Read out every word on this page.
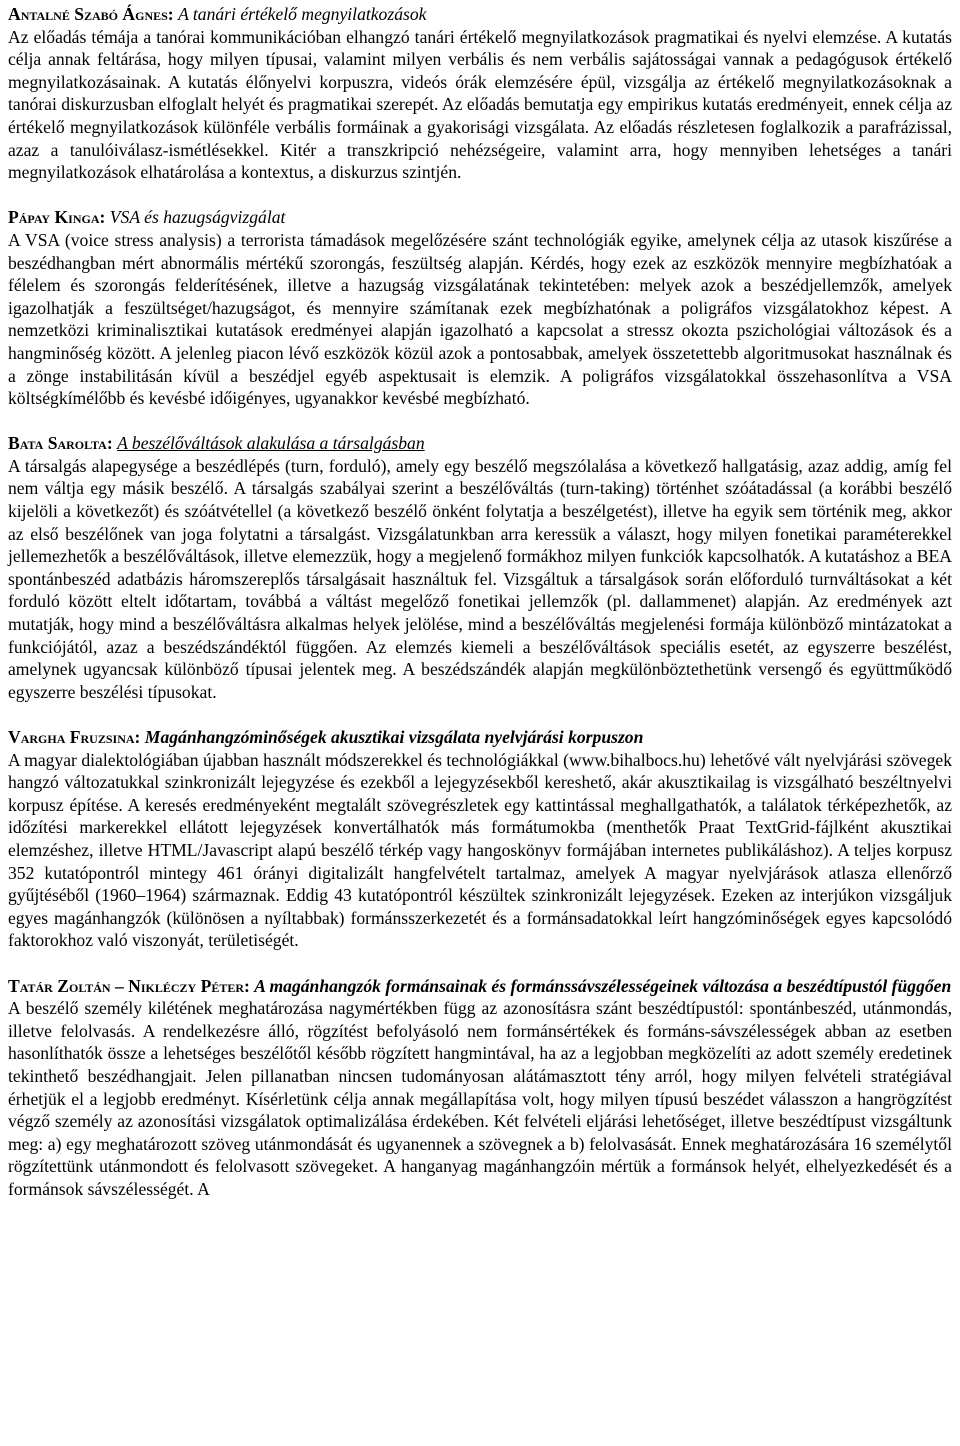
Antalné Szabó Ágnes: A tanári értékelő megnyilatkozások

Az előadás témája a tanórai kommunikációban elhangzó tanári értékelő megnyilatkozások pragmatikai és nyelvi elemzése. A kutatás célja annak feltárása, hogy milyen típusai, valamint milyen verbális és nem verbális sajátosságai vannak a pedagógusok értékelő megnyilatkozásainak. A kutatás élőnyelvi korpuszra, videós órák elemzésére épül, vizsgálja az értékelő megnyilatkozásoknak a tanórai diskurzusban elfoglalt helyét és pragmatikai szerepét. Az előadás bemutatja egy empirikus kutatás eredményeit, ennek célja az értékelő megnyilatkozások különféle verbális formáinak a gyakorisági vizsgálata. Az előadás részletesen foglalkozik a parafrázissal, azaz a tanulóiválasz-ismétlésekkel. Kitér a transzkripció nehézségeire, valamint arra, hogy mennyiben lehetséges a tanári megnyilatkozások elhatárolása a kontextus, a diskurzus szintjén.

Pápay Kinga: VSA és hazugságvizgálat

A VSA (voice stress analysis) a terrorista támadások megelőzésére szánt technológiák egyike, amelynek célja az utasok kiszűrése a beszédhangban mért abnormális mértékű szorongás, feszültség alapján. Kérdés, hogy ezek az eszközök mennyire megbízhatóak a félelem és szorongás felderítésének, illetve a hazugság vizsgálatának tekintetében: melyek azok a beszédjellemzők, amelyek igazolhatják a feszültséget/hazugságot, és mennyire számítanak ezek megbízhatónak a poligráfos vizsgálatokhoz képest. A nemzetközi kriminalisztikai kutatások eredményei alapján igazolható a kapcsolat a stressz okozta pszichológiai változások és a hangminőség között. A jelenleg piacon lévő eszközök közül azok a pontosabbak, amelyek összetettebb algoritmusokat használnak és a zönge instabilitásán kívül a beszédjel egyéb aspektusait is elemzik. A poligráfos vizsgálatokkal összehasonlítva a VSA költségkímélőbb és kevésbé időigényes, ugyanakkor kevésbé megbízható.

Bata Sarolta: A beszélőváltások alakulása a társalgásban

A társalgás alapegysége a beszédlépés (turn, forduló), amely egy beszélő megszólalása a következő hallgatásig, azaz addig, amíg fel nem váltja egy másik beszélő. A társalgás szabályai szerint a beszélőváltás (turn-taking) történhet szóátadással (a korábbi beszélő kijelöli a következőt) és szóátvétellel (a következő beszélő önként folytatja a beszélgetést), illetve ha egyik sem történik meg, akkor az első beszélőnek van joga folytatni a társalgást. Vizsgálatunkban arra keressük a választ, hogy milyen fonetikai paraméterekkel jellemezhetők a beszélőváltások, illetve elemezzük, hogy a megjelenő formákhoz milyen funkciók kapcsolhatók. A kutatáshoz a BEA spontánbeszéd adatbázis háromszereplős társalgásait használtuk fel. Vizsgáltuk a társalgások során előforduló turnváltásokat a két forduló között eltelt időtartam, továbbá a váltást megelőző fonetikai jellemzők (pl. dallammenet) alapján. Az eredmények azt mutatják, hogy mind a beszélőváltásra alkalmas helyek jelölése, mind a beszélőváltás megjelenési formája különböző mintázatokat a funkciójától, azaz a beszédszándéktól függően. Az elemzés kiemeli a beszélőváltások speciális esetét, az egyszerre beszélést, amelynek ugyancsak különböző típusai jelentek meg. A beszédszándék alapján megkülönböztethetünk versengő és együttműködő egyszerre beszélési típusokat.

Vargha Fruzsina: Magánhangzóminőségek akusztikai vizsgálata nyelvjárási korpuszon

A magyar dialektológiában újabban használt módszerekkel és technológiákkal (www.bihalbocs.hu) lehetővé vált nyelvjárási szövegek hangzó változatukkal szinkronizált lejegyzése és ezekből a lejegyzésekből kereshető, akár akusztikailag is vizsgálható beszéltnyelvi korpusz építése. A keresés eredményeként megtalált szövegrészletek egy kattintással meghallgathatók, a találatok térképezhetők, az időzítési markerekkel ellátott lejegyzések konvertálhatók más formátumokba (menthetők Praat TextGrid-fájlként akusztikai elemzéshez, illetve HTML/Javascript alapú beszélő térkép vagy hangoskönyv formájában internetes publikáláshoz). A teljes korpusz 352 kutatópontról mintegy 461 órányi digitalizált hangfelvételt tartalmaz, amelyek A magyar nyelvjárások atlasza ellenőrző gyűjtéséből (1960–1964) származnak. Eddig 43 kutatópontról készültek szinkronizált lejegyzések. Ezeken az interjúkon vizsgáljuk egyes magánhangzók (különösen a nyíltabbak) formánsszerkezetét és a formánsadatokkal leírt hangzóminőségek egyes kapcsolódó faktorokhoz való viszonyát, területiségét.

Tatár Zoltán – Nikléczy Péter: A magánhangzók formánsainak és formánssávszélességeinek változása a beszédtípustól függően

A beszélő személy kilétének meghatározása nagymértékben függ az azonosításra szánt beszédtípustól: spontánbeszéd, utánmondás, illetve felolvasás. A rendelkezésre álló, rögzítést befolyásoló nem formánsértékek és formáns-sávszélességek abban az esetben hasonlíthatók össze a lehetséges beszélőtől később rögzített hangmintával, ha az a legjobban megközelíti az adott személy eredetinek tekinthető beszédhangjait. Jelen pillanatban nincsen tudományosan alátámasztott tény arról, hogy milyen felvételi stratégiával érhetjük el a legjobb eredményt. Kísérletünk célja annak megállapítása volt, hogy milyen típusú beszédet válasszon a hangrögzítést végző személy az azonosítási vizsgálatok optimalizálása érdekében. Két felvételi eljárási lehetőséget, illetve beszédtípust vizsgáltunk meg: a) egy meghatározott szöveg utánmondását és ugyanennek a szövegnek a b) felolvasását. Ennek meghatározására 16 személytől rögzítettünk utánmondott és felolvasott szövegeket. A hanganyag magánhangzóin mértük a formánsok helyét, elhelyezkedését és a formánsok sávszélességét. A
